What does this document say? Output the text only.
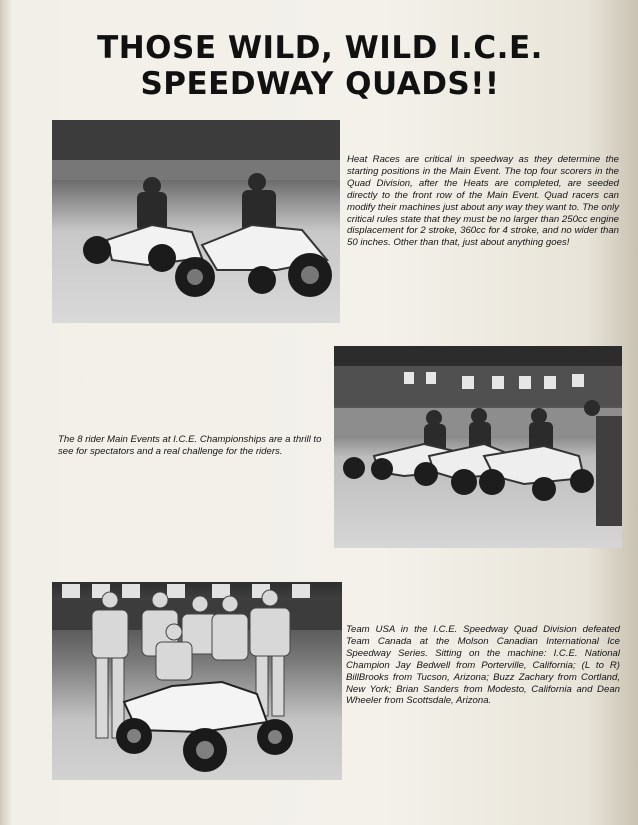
THOSE WILD, WILD I.C.E.
SPEEDWAY QUADS!!
Heat Races are critical in speedway as they determine the starting positions in the Main Event. The top four scorers in the Quad Division, after the Heats are completed, are seeded directly to the front row of the Main Event. Quad racers can modify their machines just about any way they want to. The only critical rules state that they must be no larger than 250cc engine displacement for 2 stroke, 360cc for 4 stroke, and no wider than 50 inches. Other than that, just about anything goes!
The 8 rider Main Events at I.C.E. Championships are a thrill to see for spectators and a real challenge for the riders.
Team USA in the I.C.E. Speedway Quad Division defeated Team Canada at the Molson Canadian International Ice Speedway Series. Sitting on the machine: I.C.E. National Champion Jay Bedwell from Porterville, California; (L to R) BillBrooks from Tucson, Arizona; Buzz Zachary from Cortland, New York; Brian Sanders from Modesto, California and Dean Wheeler from Scottsdale, Arizona.
